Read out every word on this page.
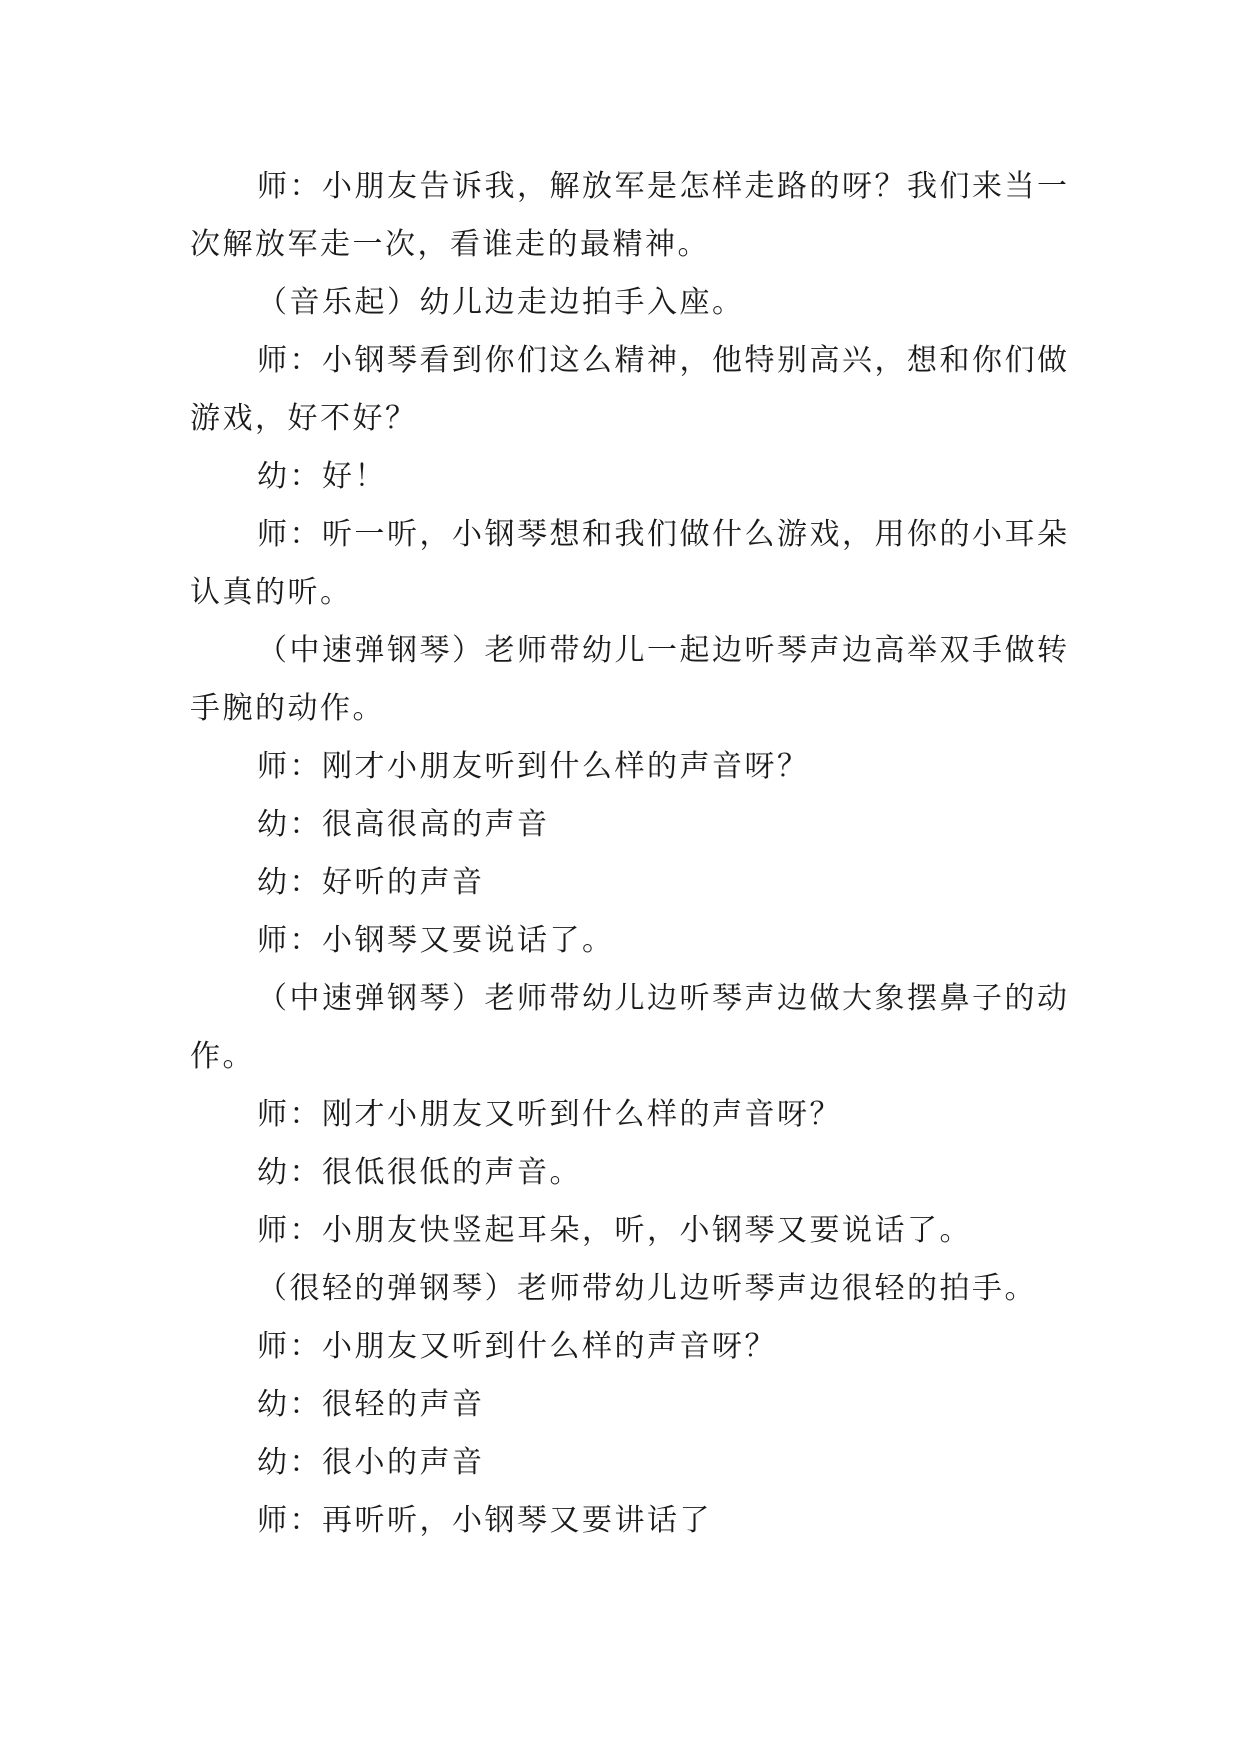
师：小朋友告诉我，解放军是怎样走路的呀？我们来当一次解放军走一次，看谁走的最精神。

（音乐起）幼儿边走边拍手入座。

师：小钢琴看到你们这么精神，他特别高兴，想和你们做游戏，好不好？

幼：好！

师：听一听，小钢琴想和我们做什么游戏，用你的小耳朵认真的听。

（中速弹钢琴）老师带幼儿一起边听琴声边高举双手做转手腕的动作。

师：刚才小朋友听到什么样的声音呀？

幼：很高很高的声音

幼：好听的声音

师：小钢琴又要说话了。

（中速弹钢琴）老师带幼儿边听琴声边做大象摆鼻子的动作。

师：刚才小朋友又听到什么样的声音呀？

幼：很低很低的声音。

师：小朋友快竖起耳朵，听，小钢琴又要说话了。

（很轻的弹钢琴）老师带幼儿边听琴声边很轻的拍手。

师：小朋友又听到什么样的声音呀？

幼：很轻的声音

幼：很小的声音

师：再听听，小钢琴又要讲话了
